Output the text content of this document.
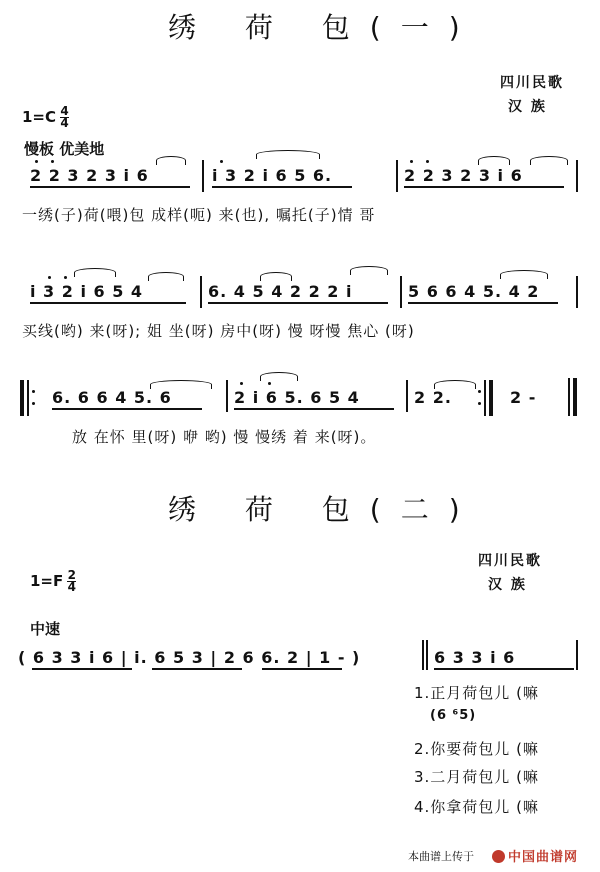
绣 荷 包(一)
四川民歌
汉 族
$1=C \frac{4}{4}$
慢板 优美地
2 2 3 2 3 i 6	i 3 2 i 6 5 6.	2 2 3 2 3 i 6
一绣(子)荷(喂)包 成样(呃) 来(也), 嘱托(子)情 哥
i 3 2 i 6 5 4	6. 4 5 4 2 2 2 i	5 6 6 4 5. 4 2
买线(哟) 来(呀); 姐 坐(呀) 房中(呀) 慢 呀慢 焦心 (呀)
6. 6 6 4 5. 6	2 i 6 5. 6 5 4	2 2.	2 -
放 在怀 里(呀) 咿 哟) 慢 慢绣 着 来(呀)。
绣 荷 包(二)
四川民歌
汉 族
$1=F \frac{2}{4}$
中速
( 6 3 3 i 6 | i. 6 5 3 | 2 6 6. 2 | 1 - )	6 3 3 i 6
1.正月荷包儿 (嘛
(6 ⁶5)
2.你要荷包儿 (嘛
3.二月荷包儿 (嘛
4.你拿荷包儿 (嘛
本曲谱上传于	中国曲谱网
